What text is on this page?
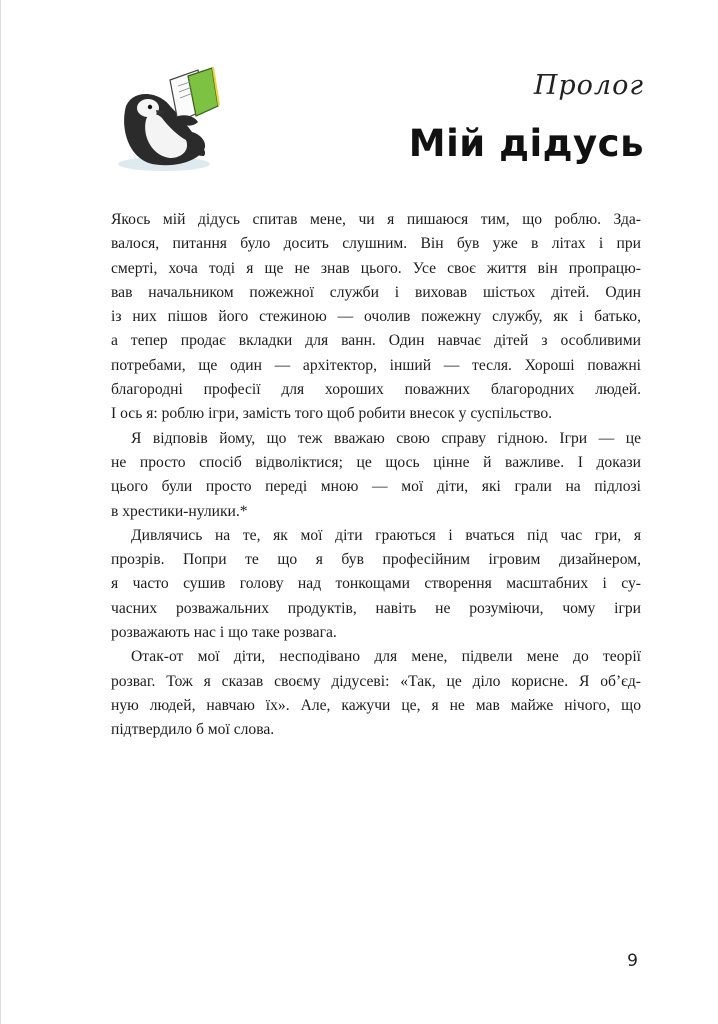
Пролог
Мій дідусь

Якось мій дідусь спитав мене, чи я пишаюся тим, що роблю. Зда-
валося, питання було досить слушним. Він був уже в літах і при
смерті, хоча тоді я ще не знав цього. Усе своє життя він пропрацю-
вав начальником пожежної служби і виховав шістьох дітей. Один
із них пішов його стежиною — очолив пожежну службу, як і батько,
а тепер продає вкладки для ванн. Один навчає дітей з особливими
потребами, ще один — архітектор, інший — тесля. Хороші поважні
благородні професії для хороших поважних благородних людей.
І ось я: роблю ігри, замість того щоб робити внесок у суспільство.

Я відповів йому, що теж вважаю свою справу гідною. Ігри — це
не просто спосіб відволіктися; це щось цінне й важливе. І докази
цього були просто переді мною — мої діти, які грали на підлозі
в хрестики-нулики.*

Дивлячись на те, як мої діти граються і вчаться під час гри, я
прозрів. Попри те що я був професійним ігровим дизайнером,
я часто сушив голову над тонкощами створення масштабних і су-
часних розважальних продуктів, навіть не розуміючи, чому ігри
розважають нас і що таке розвага.

Отак-от мої діти, несподівано для мене, підвели мене до теорії
розваг. Тож я сказав своєму дідусеві: «Так, це діло корисне. Я об’єд-
ную людей, навчаю їх». Але, кажучи це, я не мав майже нічого, що
підтвердило б мої слова.

9
